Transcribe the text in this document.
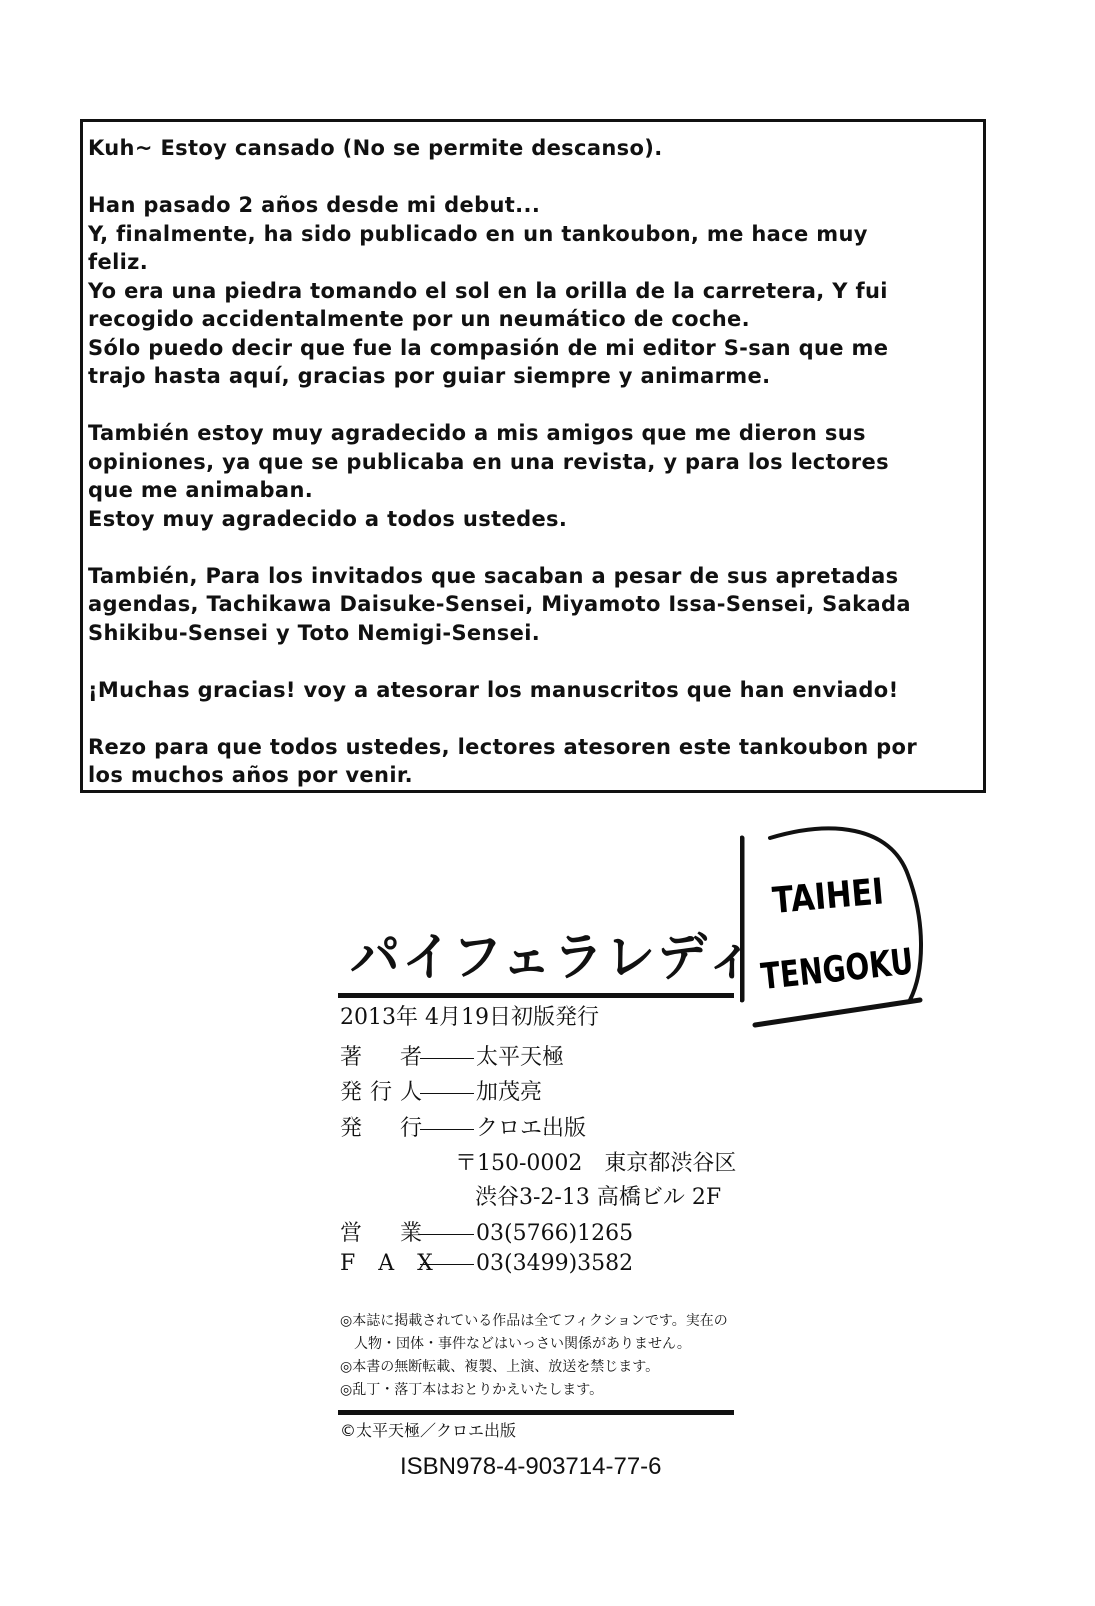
Kuh~ Estoy cansado (No se permite descanso).

Han pasado 2 años desde mi debut...
Y, finalmente, ha sido publicado en un tankoubon, me hace muy
feliz.
Yo era una piedra tomando el sol en la orilla de la carretera, Y fui
recogido accidentalmente por un neumático de coche.
Sólo puedo decir que fue la compasión de mi editor S-san que me
trajo hasta aquí, gracias por guiar siempre y animarme.

También estoy muy agradecido a mis amigos que me dieron sus
opiniones, ya que se publicaba en una revista, y para los lectores
que me animaban.
Estoy muy agradecido a todos ustedes.

También, Para los invitados que sacaban a pesar de sus apretadas
agendas, Tachikawa Daisuke-Sensei, Miyamoto Issa-Sensei, Sakada
Shikibu-Sensei y Toto Nemigi-Sensei.

¡Muchas gracias! voy a atesorar los manuscritos que han enviado!

Rezo para que todos ustedes, lectores atesoren este tankoubon por
los muchos años por venir.

TAIHEI
TENGOKU
パイフェラレディ
2013年 4月19日初版発行
著　者 太平天極
発行人 加茂亮
発　行 クロエ出版
〒150-0002　東京都渋谷区
渋谷3-2-13 高橋ビル 2F
営　業 03(5766)1265
F A X 03(3499)3582
◎本誌に掲載されている作品は全てフィクションです。実在の
　人物・団体・事件などはいっさい関係がありません。
◎本書の無断転載、複製、上演、放送を禁じます。
◎乱丁・落丁本はおとりかえいたします。
©太平天極／クロエ出版
ISBN978-4-903714-77-6
